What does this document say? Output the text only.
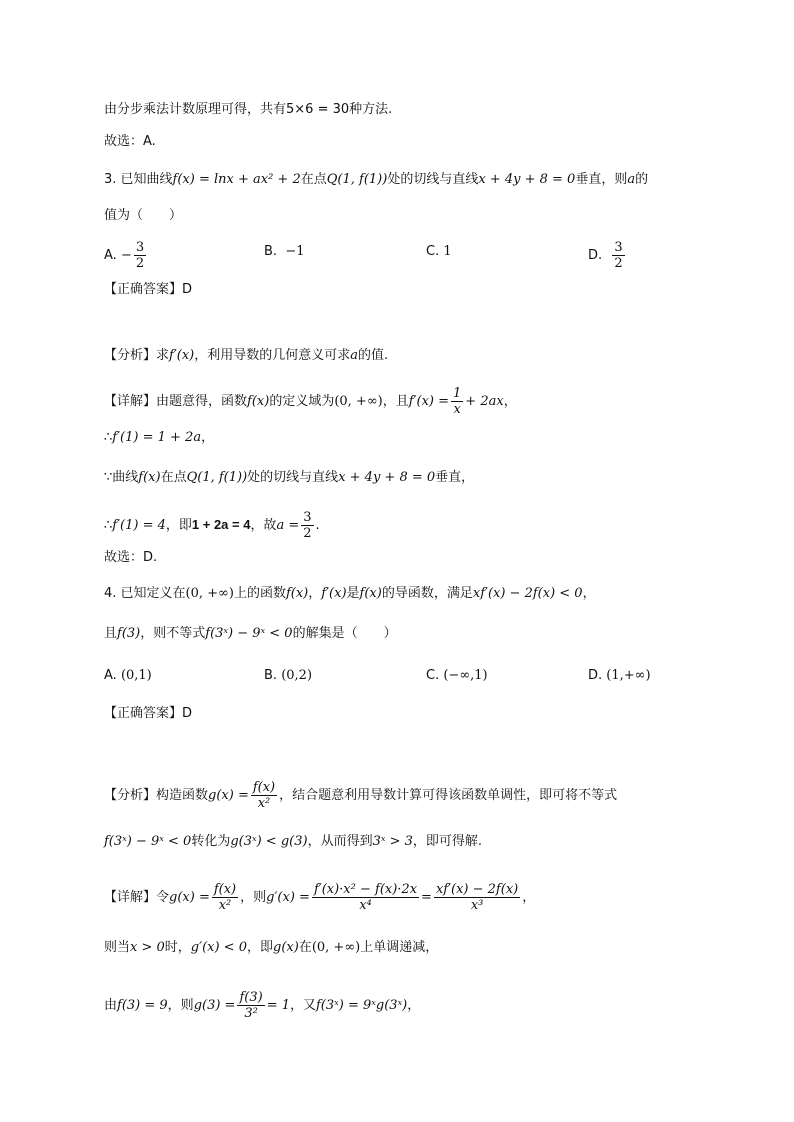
由分步乘法计数原理可得，共有5×6 = 30种方法.
故选：A.
3. 已知曲线f(x) = lnx + ax² + 2在点Q(1, f(1))处的切线与直线x + 4y + 8 = 0垂直，则a的
值为（　　）
A. − $\frac{3}{2}$	B. −1	C. 1	D. $\frac{3}{2}$
【正确答案】D
【分析】求f′(x)，利用导数的几何意义可求a的值.
【详解】由题意得，函数f(x)的定义域为(0, +∞)，且$f'(x) = \frac{1}{x} + 2ax$，
∴f′(1) = 1 + 2a，
∵曲线f(x)在点Q(1, f(1))处的切线与直线x + 4y + 8 = 0垂直，
∴f′(1) = 4，即1 + 2a = 4，故$a = \frac{3}{2}$ .
故选：D.
4. 已知定义在(0, +∞)上的函数f(x)，f′(x)是f(x)的导函数，满足xf′(x) − 2f(x) < 0，
且f(3)，则不等式f(3ˣ) − 9ˣ < 0的解集是（　　）
A. (0,1)	B. (0,2)	C. (−∞,1)	D. (1,+∞)
【正确答案】D
【分析】构造函数$g(x) = \frac{f(x)}{\text{x²}}$ ，结合题意利用导数计算可得该函数单调性，即可将不等式
f(3ˣ) − 9ˣ < 0转化为g(3ˣ) < g(3)，从而得到3ˣ > 3，即可得解.
【详解】令$g(x) = \frac{f(x)}{\text{x²}}$ ，则$g'(x) = \frac{\text{f′(x)·x² − f(x)·2x}}{\text{x⁴}} = \frac{xf'(x) - 2f(x)}{\text{x³}}$ ，
则当x > 0时，g′(x) < 0，即g(x)在(0, +∞)上单调递减，
由f(3) = 9，则$g(3) = \frac{f(3)}{\text{3²}} = 1$，又f(3ˣ) = 9ˣg(3ˣ)，
